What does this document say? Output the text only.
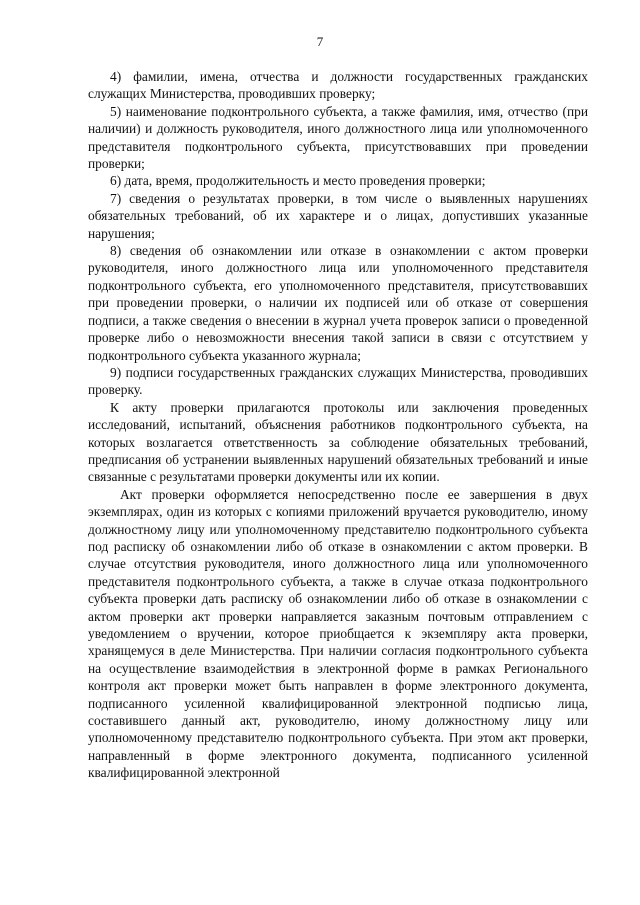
7

4) фамилии, имена, отчества и должности государственных гражданских служащих Министерства, проводивших проверку;

5) наименование подконтрольного субъекта, а также фамилия, имя, отчество (при наличии) и должность руководителя, иного должностного лица или уполномоченного представителя подконтрольного субъекта, присутствовавших при проведении проверки;

6) дата, время, продолжительность и место проведения проверки;

7) сведения о результатах проверки, в том числе о выявленных нарушениях обязательных требований, об их характере и о лицах, допустивших указанные нарушения;

8) сведения об ознакомлении или отказе в ознакомлении с актом проверки руководителя, иного должностного лица или уполномоченного представителя подконтрольного субъекта, его уполномоченного представителя, присутствовавших при проведении проверки, о наличии их подписей или об отказе от совершения подписи, а также сведения о внесении в журнал учета проверок записи о проведенной проверке либо о невозможности внесения такой записи в связи с отсутствием у подконтрольного субъекта указанного журнала;

9) подписи государственных гражданских служащих Министерства, проводивших проверку.

К акту проверки прилагаются протоколы или заключения проведенных исследований, испытаний, объяснения работников подконтрольного субъекта, на которых возлагается ответственность за соблюдение обязательных требований, предписания об устранении выявленных нарушений обязательных требований и иные связанные с результатами проверки документы или их копии.

Акт проверки оформляется непосредственно после ее завершения в двух экземплярах, один из которых с копиями приложений вручается руководителю, иному должностному лицу или уполномоченному представителю подконтрольного субъекта под расписку об ознакомлении либо об отказе в ознакомлении с актом проверки. В случае отсутствия руководителя, иного должностного лица или уполномоченного представителя подконтрольного субъекта, а также в случае отказа подконтрольного субъекта проверки дать расписку об ознакомлении либо об отказе в ознакомлении с актом проверки акт проверки направляется заказным почтовым отправлением с уведомлением о вручении, которое приобщается к экземпляру акта проверки, хранящемуся в деле Министерства. При наличии согласия подконтрольного субъекта на осуществление взаимодействия в электронной форме в рамках Регионального контроля акт проверки может быть направлен в форме электронного документа, подписанного усиленной квалифицированной электронной подписью лица, составившего данный акт, руководителю, иному должностному лицу или уполномоченному представителю подконтрольного субъекта. При этом акт проверки, направленный в форме электронного документа, подписанного усиленной квалифицированной электронной
